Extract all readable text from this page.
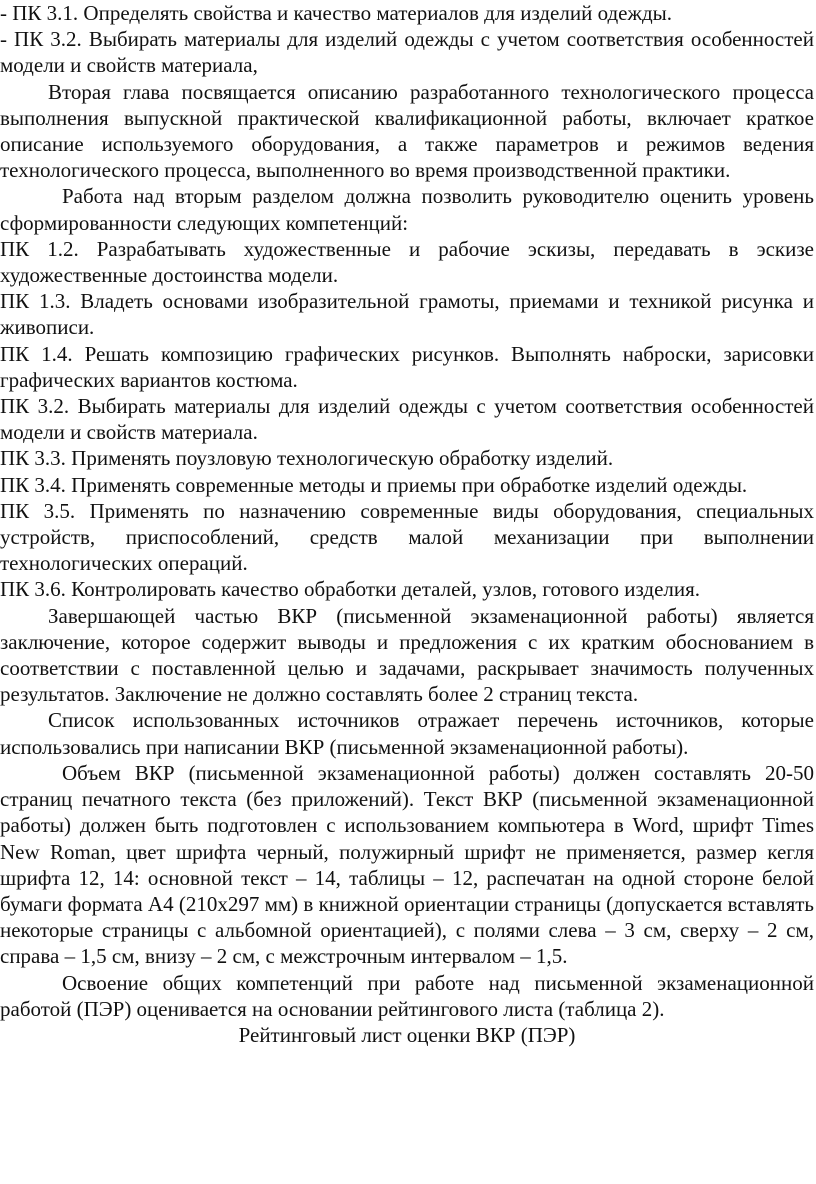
- ПК 3.1. Определять свойства и качество материалов для изделий одежды.

- ПК 3.2. Выбирать материалы для изделий одежды с учетом соответствия особенностей модели и свойств материала,

Вторая глава посвящается описанию разработанного технологического процесса выполнения выпускной практической квалификационной работы, включает краткое описание используемого оборудования, а также параметров и режимов ведения технологического процесса, выполненного во время производственной практики.

Работа над вторым разделом должна позволить руководителю оценить уровень сформированности следующих компетенций:

ПК 1.2. Разрабатывать художественные и рабочие эскизы, передавать в эскизе художественные достоинства модели.

ПК 1.3. Владеть основами изобразительной грамоты, приемами и техникой рисунка и живописи.

ПК 1.4. Решать композицию графических рисунков. Выполнять наброски, зарисовки графических вариантов костюма.

ПК 3.2. Выбирать материалы для изделий одежды с учетом соответствия особенностей модели и свойств материала.

ПК 3.3. Применять поузловую технологическую обработку изделий.

ПК 3.4. Применять современные методы и приемы при обработке изделий одежды.

ПК 3.5. Применять по назначению современные виды оборудования, специальных устройств, приспособлений, средств малой механизации при выполнении технологических операций.

ПК 3.6. Контролировать качество обработки деталей, узлов, готового изделия.

Завершающей частью ВКР (письменной экзаменационной работы) является заключение, которое содержит выводы и предложения с их кратким обоснованием в соответствии с поставленной целью и задачами, раскрывает значимость полученных результатов. Заключение не должно составлять более 2 страниц текста.

Список использованных источников отражает перечень источников, которые использовались при написании ВКР (письменной экзаменационной работы).

Объем ВКР (письменной экзаменационной работы) должен составлять 20-50 страниц печатного текста (без приложений). Текст ВКР (письменной экзаменационной работы) должен быть подготовлен с использованием компьютера в Word, шрифт Times New Roman, цвет шрифта черный, полужирный шрифт не применяется, размер кегля шрифта 12, 14: основной текст – 14, таблицы – 12, распечатан на одной стороне белой бумаги формата А4 (210х297 мм) в книжной ориентации страницы (допускается вставлять некоторые страницы с альбомной ориентацией), с полями слева – 3 см, сверху – 2 см, справа – 1,5 см, внизу – 2 см, с межстрочным интервалом – 1,5.

Освоение общих компетенций при работе над письменной экзаменационной работой (ПЭР) оценивается на основании рейтингового листа (таблица 2).

Рейтинговый лист оценки ВКР (ПЭР)
